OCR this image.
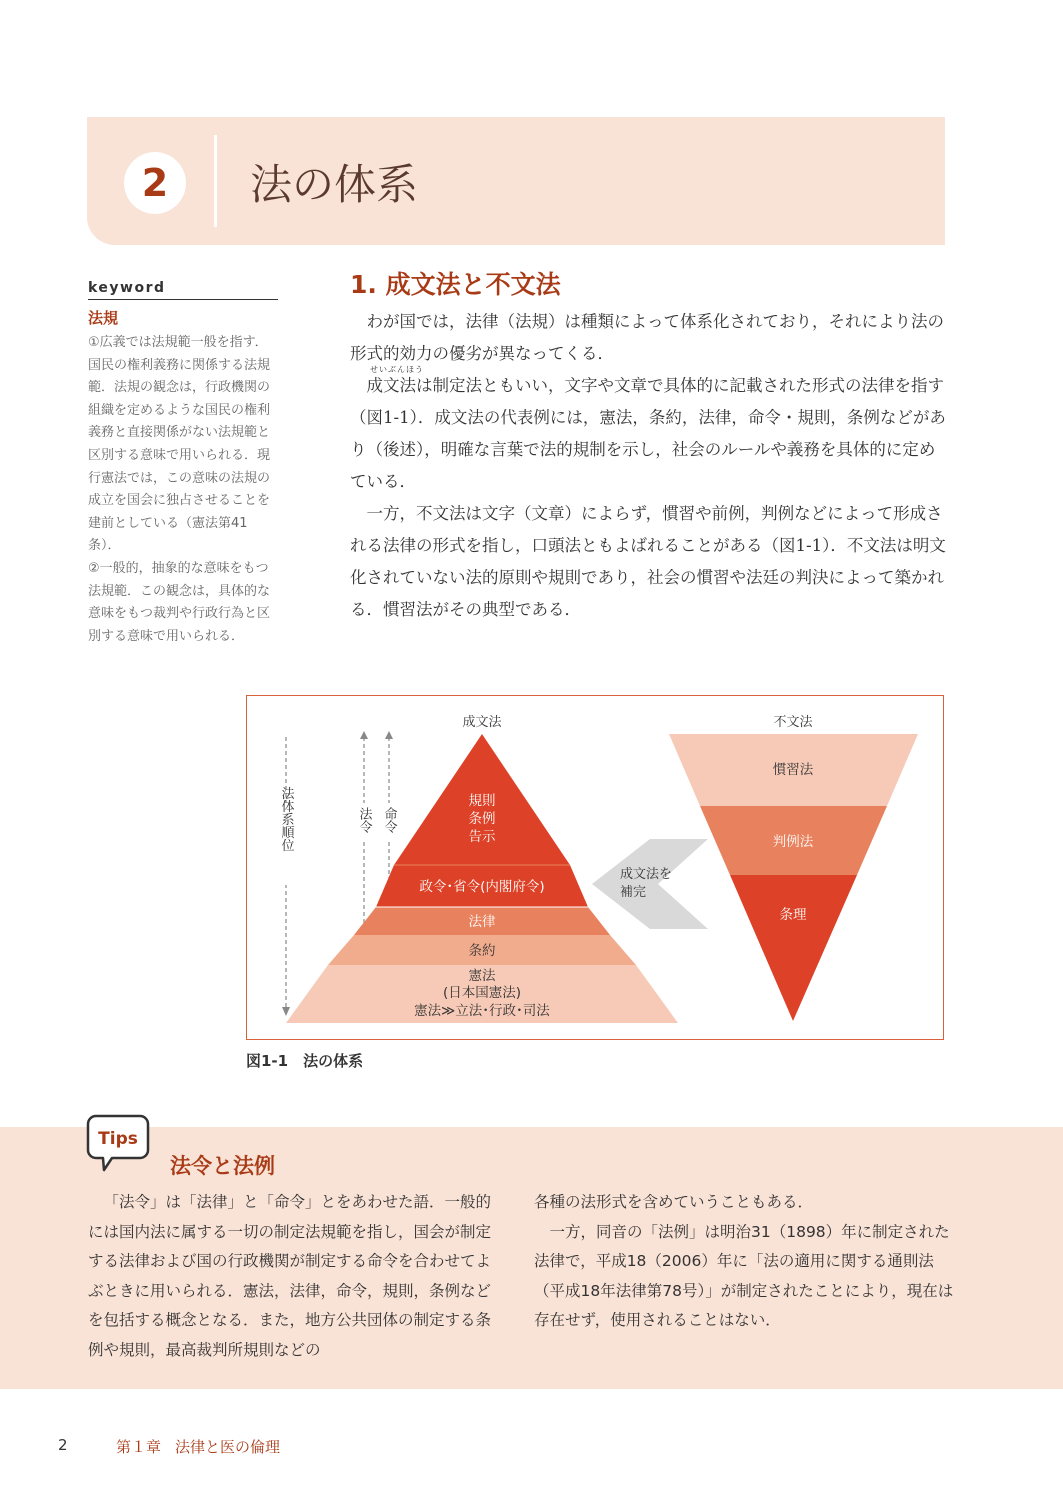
2	法の体系
keyword
法規

①広義では法規範一般を指す．国民の権利義務に関係する法規範．法規の観念は，行政機関の組織を定めるような国民の権利義務と直接関係がない法規範と区別する意味で用いられる．現行憲法では，この意味の法規の成立を国会に独占させることを建前としている（憲法第41条）．

②一般的，抽象的な意味をもつ法規範．この観念は，具体的な意味をもつ裁判や行政行為と区別する意味で用いられる．

1. 成文法と不文法
せいぶんほう

わが国では，法律（法規）は種類によって体系化されており，それにより法の形式的効力の優劣が異なってくる．

成文法は制定法ともいい，文字や文章で具体的に記載された形式の法律を指す（図1-1）．成文法の代表例には，憲法，条約，法律，命令・規則，条例などがあり（後述），明確な言葉で法的規制を示し，社会のルールや義務を具体的に定めている．

一方，不文法は文字（文章）によらず，慣習や前例，判例などによって形成される法律の形式を指し，口頭法ともよばれることがある（図1-1）．不文法は明文化されていない法的原則や規則であり，社会の慣習や法廷の判決によって築かれる．慣習法がその典型である．

成文法	不文法
法体系順位	法令 命令
規則
条例
告示
政令･省令(内閣府令)
法律
条約
憲法
(日本国憲法)
憲法≫立法･行政･司法
成文法を
補完
慣習法
判例法
条理
図1-1　法の体系
Tips
法令と法例

「法令」は「法律」と「命令」とをあわせた語．一般的には国内法に属する一切の制定法規範を指し，国会が制定する法律および国の行政機関が制定する命令を合わせてよぶときに用いられる．憲法，法律，命令，規則，条例などを包括する概念となる．また，地方公共団体の制定する条例や規則，最高裁判所規則などの

各種の法形式を含めていうこともある．

一方，同音の「法例」は明治31（1898）年に制定された法律で，平成18（2006）年に「法の適用に関する通則法（平成18年法律第78号）」が制定されたことにより，現在は存在せず，使用されることはない．

2	第１章 法律と医の倫理
